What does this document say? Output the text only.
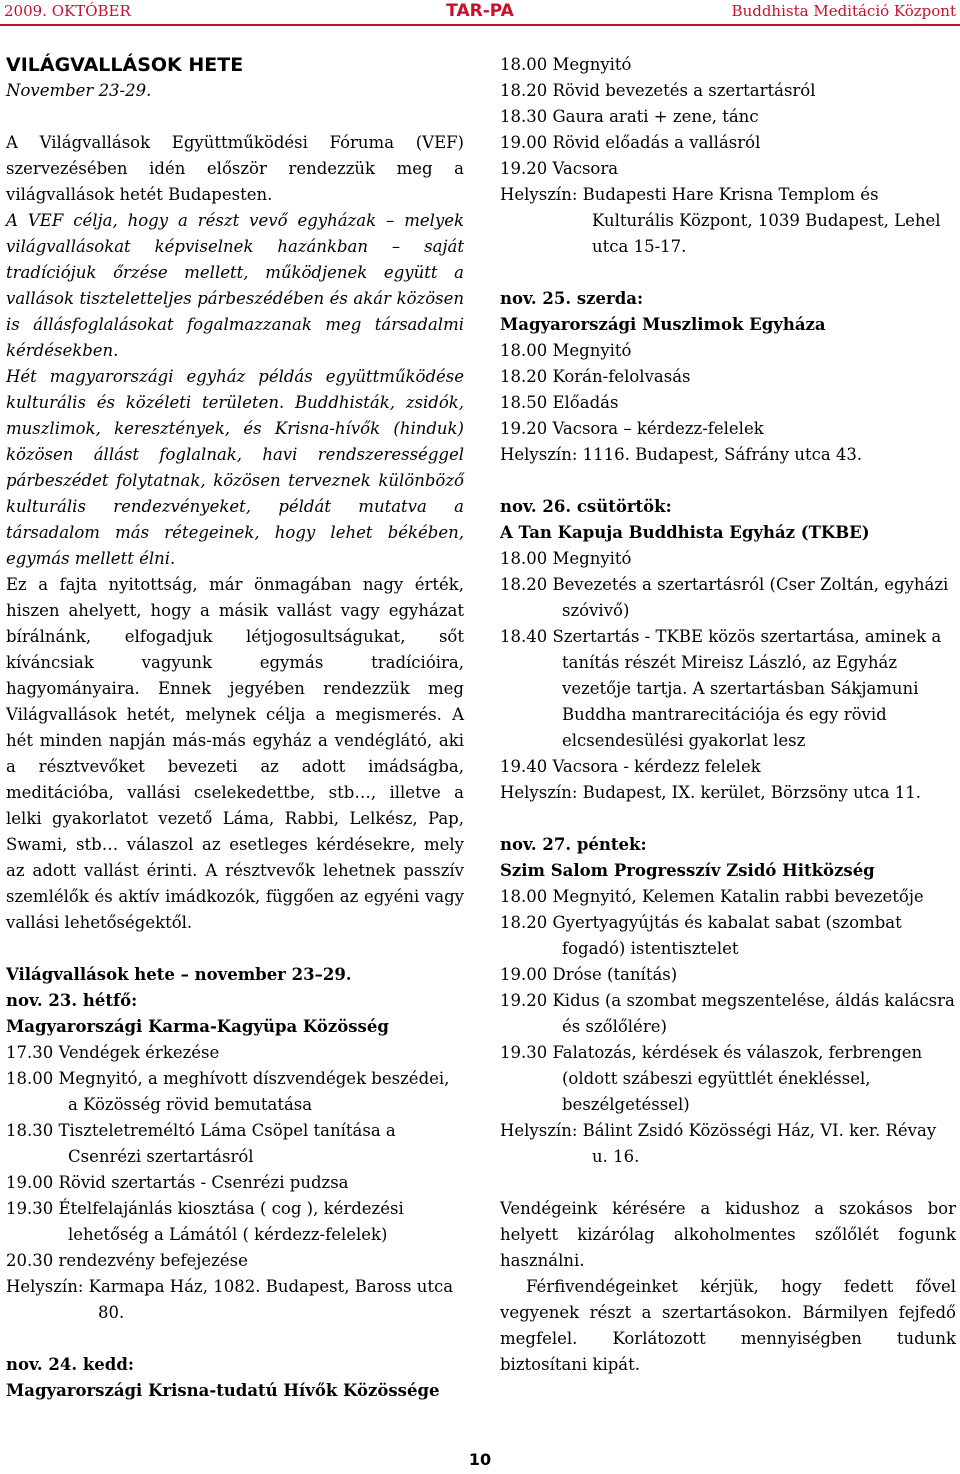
2009. OKTÓBER	TAR-PA	Buddhista Meditáció Központ

VILÁGVALLÁSOK HETE

November 23-29.

A Világvallások Együttműködési Fóruma (VEF) szervezésében idén először rendezzük meg a világvallások hetét Budapesten.

A VEF célja, hogy a részt vevő egyházak – melyek világvallásokat képviselnek hazánkban – saját tradíciójuk őrzése mellett, működjenek együtt a vallások tiszteletteljes párbeszédében és akár közösen is állásfoglalásokat fogalmazzanak meg társadalmi kérdésekben.

Hét magyarországi egyház példás együttműködése kulturális és közéleti területen. Buddhisták, zsidók, muszlimok, keresztények, és Krisna-hívők (hinduk) közösen állást foglalnak, havi rendszerességgel párbeszédet folytatnak, közösen terveznek különböző kulturális rendezvényeket, példát mutatva a társadalom más rétegeinek, hogy lehet békében, egymás mellett élni.

Ez a fajta nyitottság, már önmagában nagy érték, hiszen ahelyett, hogy a másik vallást vagy egyházat bírálnánk, elfogadjuk létjogosultságukat, sőt kíváncsiak vagyunk egymás tradícióira, hagyományaira. Ennek jegyében rendezzük meg Világvallások hetét, melynek célja a megismerés. A hét minden napján más-más egyház a vendéglátó, aki a résztvevőket bevezeti az adott imádságba, meditációba, vallási cselekedettbe, stb…, illetve a lelki gyakorlatot vezető Láma, Rabbi, Lelkész, Pap, Swami, stb… válaszol az esetleges kérdésekre, mely az adott vallást érinti. A résztvevők lehetnek passzív szemlélők és aktív imádkozók, függően az egyéni vagy vallási lehetőségektől.

Világvallások hete – november 23–29.

nov. 23. hétfő:

Magyarországi Karma-Kagyüpa Közösség

17.30 Vendégek érkezése

18.00 Megnyitó, a meghívott díszvendégek beszédei, a Közösség rövid bemutatása

18.30 Tiszteletreméltó Láma Csöpel tanítása a Csenrézi szertartásról

19.00 Rövid szertartás - Csenrézi pudzsa

19.30 Ételfelajánlás kiosztása ( cog ), kérdezési lehetőség a Lámától ( kérdezz-felelek)

20.30 rendezvény befejezése

Helyszín: Karmapa Ház, 1082. Budapest, Baross utca 80.

nov. 24. kedd:

Magyarországi Krisna-tudatú Hívők Közössége

18.00 Megnyitó

18.20 Rövid bevezetés a szertartásról

18.30 Gaura arati + zene, tánc

19.00 Rövid előadás a vallásról

19.20 Vacsora

Helyszín: Budapesti Hare Krisna Templom és Kulturális Központ, 1039 Budapest, Lehel utca 15-17.

nov. 25. szerda:

Magyarországi Muszlimok Egyháza

18.00 Megnyitó

18.20 Korán-felolvasás

18.50 Előadás

19.20 Vacsora – kérdezz-felelek

Helyszín: 1116. Budapest, Sáfrány utca 43.

nov. 26. csütörtök:

A Tan Kapuja Buddhista Egyház (TKBE)

18.00 Megnyitó

18.20 Bevezetés a szertartásról (Cser Zoltán, egyházi szóvivő)

18.40 Szertartás - TKBE közös szertartása, aminek a tanítás részét Mireisz László, az Egyház vezetője tartja. A szertartásban Sákjamuni Buddha mantrarecitációja és egy rövid elcsendesülési gyakorlat lesz

19.40 Vacsora - kérdezz felelek

Helyszín: Budapest, IX. kerület, Börzsöny utca 11.

nov. 27. péntek:

Szim Salom Progresszív Zsidó Hitközség

18.00 Megnyitó, Kelemen Katalin rabbi bevezetője

18.20 Gyertyagyújtás és kabalat sabat (szombat fogadó) istentisztelet

19.00 Dróse (tanítás)

19.20 Kidus (a szombat megszentelése, áldás kalácsra és szőlőlére)

19.30 Falatozás, kérdések és válaszok, ferbrengen (oldott szábeszi együttlét énekléssel, beszélgetéssel)

Helyszín: Bálint Zsidó Közösségi Ház, VI. ker. Révay u. 16.

Vendégeink kérésére a kidushoz a szokásos bor helyett kizárólag alkoholmentes szőlőlét fogunk használni.

Férfivendégeinket kérjük, hogy fedett fővel vegyenek részt a szertartásokon. Bármilyen fejfedő megfelel. Korlátozott mennyiségben tudunk biztosítani kipát.

10
